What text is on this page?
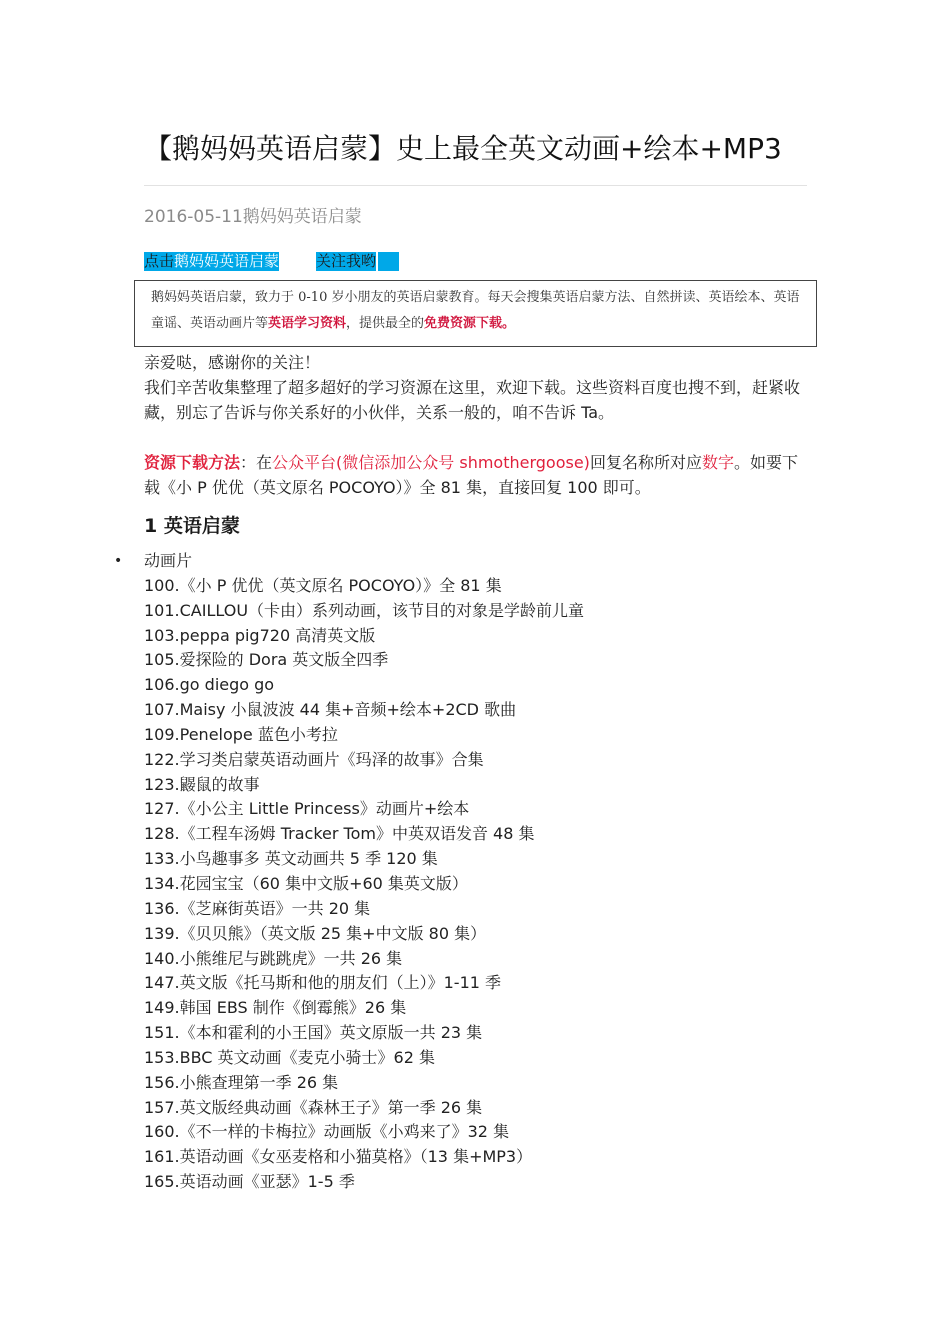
【鹅妈妈英语启蒙】史上最全英文动画+绘本+MP3
2016-05-11鹅妈妈英语启蒙
点击鹅妈妈英语启蒙 关注我哟
鹅妈妈英语启蒙，致力于 0-10 岁小朋友的英语启蒙教育。每天会搜集英语启蒙方法、自然拼读、英语绘本、英语童谣、英语动画片等英语学习资料，提供最全的免费资源下载。
亲爱哒，感谢你的关注！
我们辛苦收集整理了超多超好的学习资源在这里，欢迎下载。这些资料百度也搜不到，赶紧收藏，别忘了告诉与你关系好的小伙伴，关系一般的，咱不告诉 Ta。
资源下载方法：在公众平台(微信添加公众号 shmothergoose)回复名称所对应数字。如要下载《小 P 优优（英文原名 POCOYO）》全 81 集，直接回复 100 即可。
1 英语启蒙
• 动画片
100.《小 P 优优（英文原名 POCOYO）》全 81 集
101.CAILLOU（卡由）系列动画，该节目的对象是学龄前儿童
103.peppa pig720 高清英文版
105.爱探险的 Dora 英文版全四季
106.go diego go
107.Maisy 小鼠波波 44 集+音频+绘本+2CD 歌曲
109.Penelope 蓝色小考拉
122.学习类启蒙英语动画片《玛泽的故事》合集
123.鼹鼠的故事
127.《小公主 Little Princess》动画片+绘本
128.《工程车汤姆 Tracker Tom》中英双语发音 48 集
133.小鸟趣事多 英文动画共 5 季 120 集
134.花园宝宝（60 集中文版+60 集英文版）
136.《芝麻街英语》一共 20 集
139.《贝贝熊》（英文版 25 集+中文版 80 集）
140.小熊维尼与跳跳虎》一共 26 集
147.英文版《托马斯和他的朋友们（上）》1-11 季
149.韩国 EBS 制作《倒霉熊》26 集
151.《本和霍利的小王国》英文原版一共 23 集
153.BBC 英文动画《麦克小骑士》62 集
156.小熊查理第一季 26 集
157.英文版经典动画《森林王子》第一季 26 集
160.《不一样的卡梅拉》动画版《小鸡来了》32 集
161.英语动画《女巫麦格和小猫莫格》（13 集+MP3）
165.英语动画《亚瑟》1-5 季
